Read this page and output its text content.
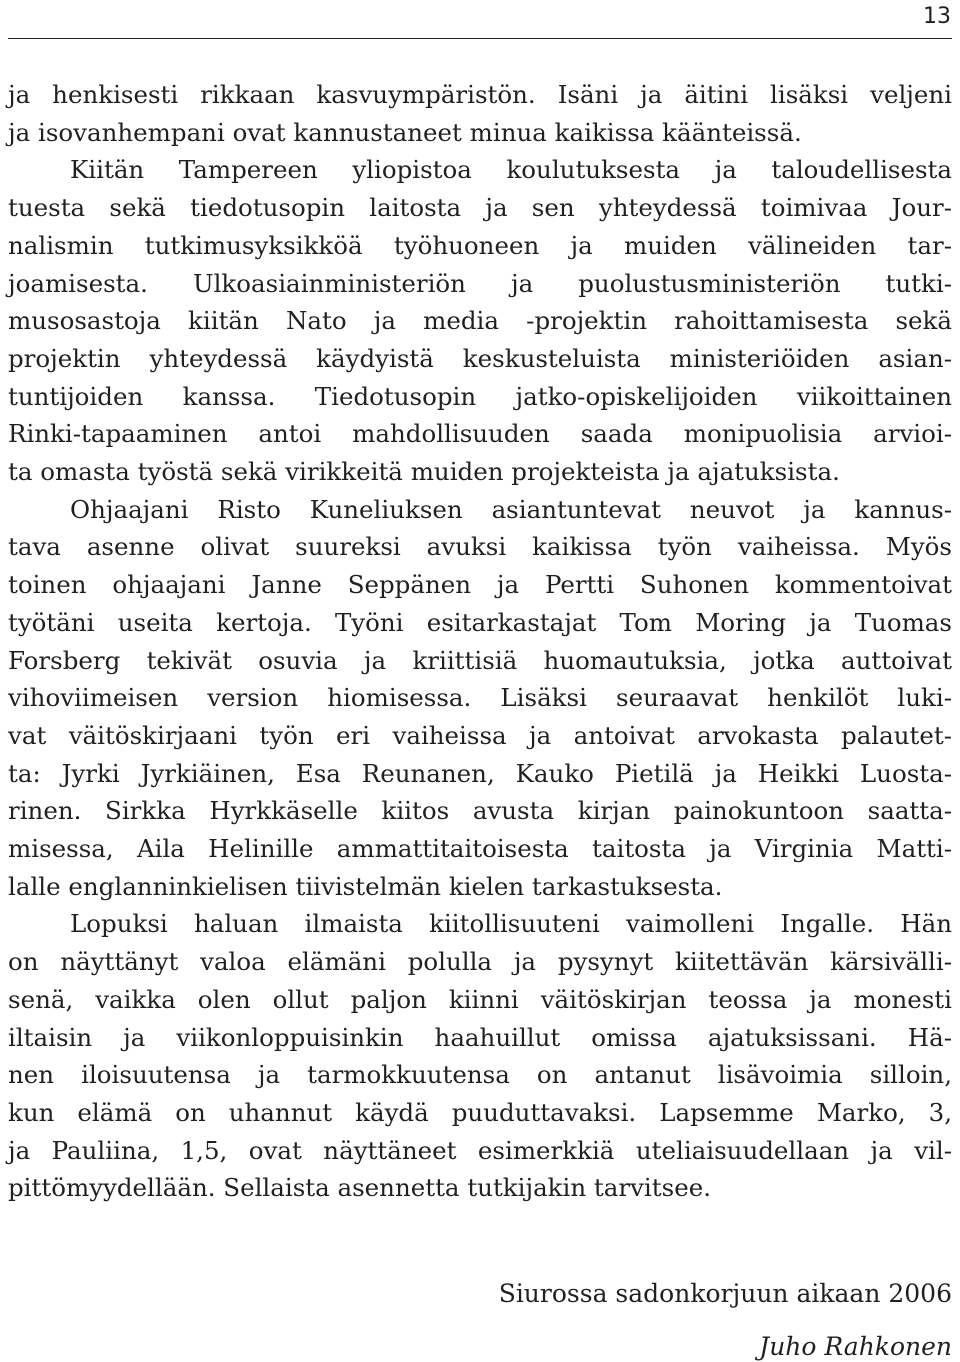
13
ja henkisesti rikkaan kasvuympäristön. Isäni ja äitini lisäksi veljeni
ja isovanhempani ovat kannustaneet minua kaikissa käänteissä.
Kiitän Tampereen yliopistoa koulutuksesta ja taloudellisesta
tuesta sekä tiedotusopin laitosta ja sen yhteydessä toimivaa Jour-
nalismin tutkimusyksikköä työhuoneen ja muiden välineiden tar-
joamisesta. Ulkoasiainministeriön ja puolustusministeriön tutki-
musosastoja kiitän Nato ja media -projektin rahoittamisesta sekä
projektin yhteydessä käydyistä keskusteluista ministeriöiden asian-
tuntijoiden kanssa. Tiedotusopin jatko-opiskelijoiden viikoittainen
Rinki-tapaaminen antoi mahdollisuuden saada monipuolisia arvioi-
ta omasta työstä sekä virikkeitä muiden projekteista ja ajatuksista.
Ohjaajani Risto Kuneliuksen asiantuntevat neuvot ja kannus-
tava asenne olivat suureksi avuksi kaikissa työn vaiheissa. Myös
toinen ohjaajani Janne Seppänen ja Pertti Suhonen kommentoivat
työtäni useita kertoja. Työni esitarkastajat Tom Moring ja Tuomas
Forsberg tekivät osuvia ja kriittisiä huomautuksia, jotka auttoivat
vihoviimeisen version hiomisessa. Lisäksi seuraavat henkilöt luki-
vat väitöskirjaani työn eri vaiheissa ja antoivat arvokasta palautet-
ta: Jyrki Jyrkiäinen, Esa Reunanen, Kauko Pietilä ja Heikki Luosta-
rinen. Sirkka Hyrkkäselle kiitos avusta kirjan painokuntoon saatta-
misessa, Aila Helinille ammattitaitoisesta taitosta ja Virginia Matti-
lalle englanninkielisen tiivistelmän kielen tarkastuksesta.
Lopuksi haluan ilmaista kiitollisuuteni vaimolleni Ingalle. Hän
on näyttänyt valoa elämäni polulla ja pysynyt kiitettävän kärsivälli-
senä, vaikka olen ollut paljon kiinni väitöskirjan teossa ja monesti
iltaisin ja viikonloppuisinkin haahuillut omissa ajatuksissani. Hä-
nen iloisuutensa ja tarmokkuutensa on antanut lisävoimia silloin,
kun elämä on uhannut käydä puuduttavaksi. Lapsemme Marko, 3,
ja Pauliina, 1,5, ovat näyttäneet esimerkkiä uteliaisuudellaan ja vil-
pittömyydellään. Sellaista asennetta tutkijakin tarvitsee.
Siurossa sadonkorjuun aikaan 2006
Juho Rahkonen
